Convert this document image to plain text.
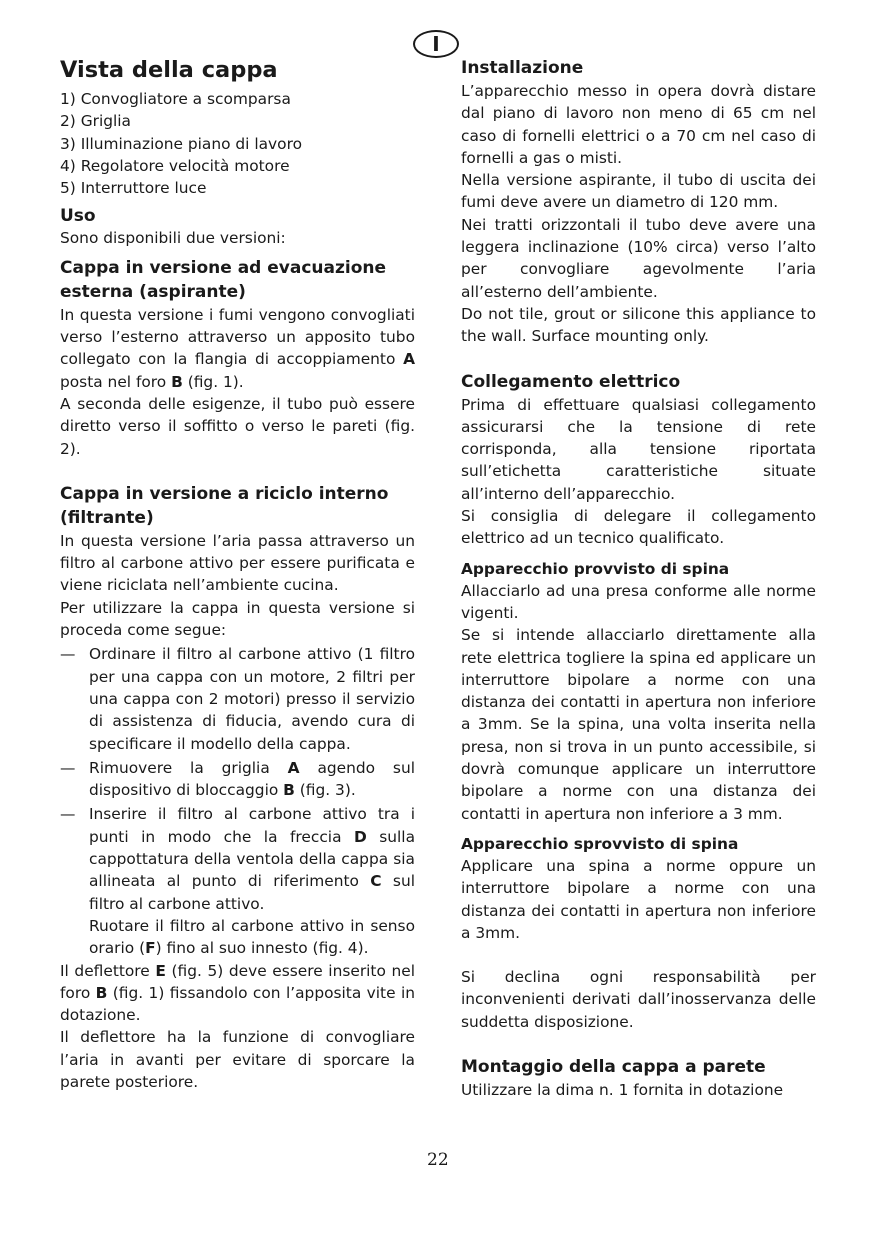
I
Vista della cappa

1) Convogliatore a scomparsa

2) Griglia

3) Illuminazione piano di lavoro

4) Regolatore velocità motore

5) Interruttore luce

Uso

Sono disponibili due versioni:

Cappa in versione ad evacuazione esterna (aspirante)

In questa versione i fumi vengono convogliati verso l’esterno attraverso un apposito tubo collegato con la flangia di accoppiamento A posta nel foro B (fig. 1).

A seconda delle esigenze, il tubo può essere diretto verso il soffitto o verso le pareti (fig. 2).

Cappa in versione a riciclo interno (filtrante)

In questa versione l’aria passa attraverso un filtro al carbone attivo per essere purificata e viene riciclata nell’ambiente cucina.

Per utilizzare la cappa in questa versione si proceda come segue:

— Ordinare il filtro al carbone attivo (1 filtro per una cappa con un motore, 2 filtri per una cappa con 2 motori) presso il servizio di assistenza di fiducia, avendo cura di specificare il modello della cappa.

— Rimuovere la griglia A agendo sul dispositivo di bloccaggio B (fig. 3).

— Inserire il filtro al carbone attivo tra i punti in modo che la freccia D sulla cappottatura della ventola della cappa sia allineata al punto di riferimento C sul filtro al carbone attivo.

Ruotare il filtro al carbone attivo in senso orario (F) fino al suo innesto (fig. 4).

Il deflettore E (fig. 5) deve essere inserito nel foro B (fig. 1) fissandolo con l’apposita vite in dotazione.

Il deflettore ha la funzione di convogliare l’aria in avanti per evitare di sporcare la parete posteriore.

Installazione

L’apparecchio messo in opera dovrà distare dal piano di lavoro non meno di 65 cm nel caso di fornelli elettrici o a 70 cm nel caso di fornelli a gas o misti.

Nella versione aspirante, il tubo di uscita dei fumi deve avere un diametro di 120 mm.

Nei tratti orizzontali il tubo deve avere una leggera inclinazione (10% circa) verso l’alto per convogliare agevolmente l’aria all’esterno dell’ambiente.

Do not tile, grout or silicone this appliance to the wall. Surface mounting only.

Collegamento elettrico

Prima di effettuare qualsiasi collegamento assicurarsi che la tensione di rete corrisponda, alla tensione riportata sull’etichetta caratteristiche situate all’interno dell’apparecchio.

Si consiglia di delegare il collegamento elettrico ad un tecnico qualificato.

Apparecchio provvisto di spina

Allacciarlo ad una presa conforme alle norme vigenti.

Se si intende allacciarlo direttamente alla rete elettrica togliere la spina ed applicare un interruttore bipolare a norme con una distanza dei contatti in apertura non inferiore a 3mm. Se la spina, una volta inserita nella presa, non si trova in un punto accessibile, si dovrà comunque applicare un interruttore bipolare a norme con una distanza dei contatti in apertura non inferiore a 3 mm.

Apparecchio sprovvisto di spina

Applicare una spina a norme oppure un interruttore bipolare a norme con una distanza dei contatti in apertura non inferiore a 3mm.

Si declina ogni responsabilità per inconvenienti derivati dall’inosservanza delle suddetta disposizione.

Montaggio della cappa a parete

Utilizzare la dima n. 1 fornita in dotazione

22
